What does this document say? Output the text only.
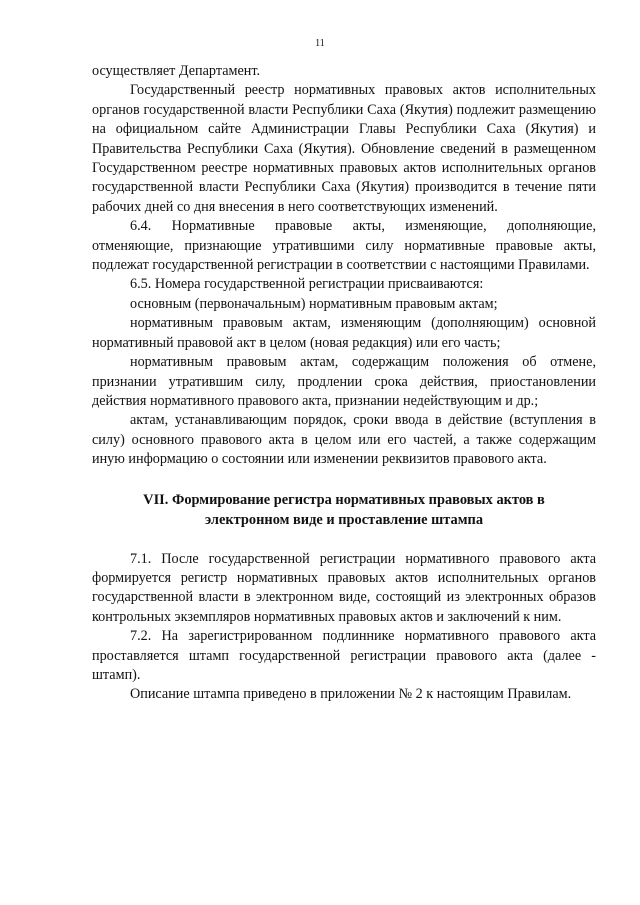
11

осуществляет Департамент.

Государственный реестр нормативных правовых актов исполнительных органов государственной власти Республики Саха (Якутия) подлежит размещению на официальном сайте Администрации Главы Республики Саха (Якутия) и Правительства Республики Саха (Якутия). Обновление сведений в размещенном Государственном реестре нормативных правовых актов исполнительных органов государственной власти Республики Саха (Якутия) производится в течение пяти рабочих дней со дня внесения в него соответствующих изменений.

6.4. Нормативные правовые акты, изменяющие, дополняющие, отменяющие, признающие утратившими силу нормативные правовые акты, подлежат государственной регистрации в соответствии с настоящими Правилами.

6.5. Номера государственной регистрации присваиваются:

основным (первоначальным) нормативным правовым актам;

нормативным правовым актам, изменяющим (дополняющим) основной нормативный правовой акт в целом (новая редакция) или его часть;

нормативным правовым актам, содержащим положения об отмене, признании утратившим силу, продлении срока действия, приостановлении действия нормативного правового акта, признании недействующим и др.;

актам, устанавливающим порядок, сроки ввода в действие (вступления в силу) основного правового акта в целом или его частей, а также содержащим иную информацию о состоянии или изменении реквизитов правового акта.

VII. Формирование регистра нормативных правовых актов в
электронном виде и проставление штампа

7.1. После государственной регистрации нормативного правового акта формируется регистр нормативных правовых актов исполнительных органов государственной власти в электронном виде, состоящий из электронных образов контрольных экземпляров нормативных правовых актов и заключений к ним.

7.2. На зарегистрированном подлиннике нормативного правового акта проставляется штамп государственной регистрации правового акта (далее - штамп).

Описание штампа приведено в приложении № 2 к настоящим Правилам.
